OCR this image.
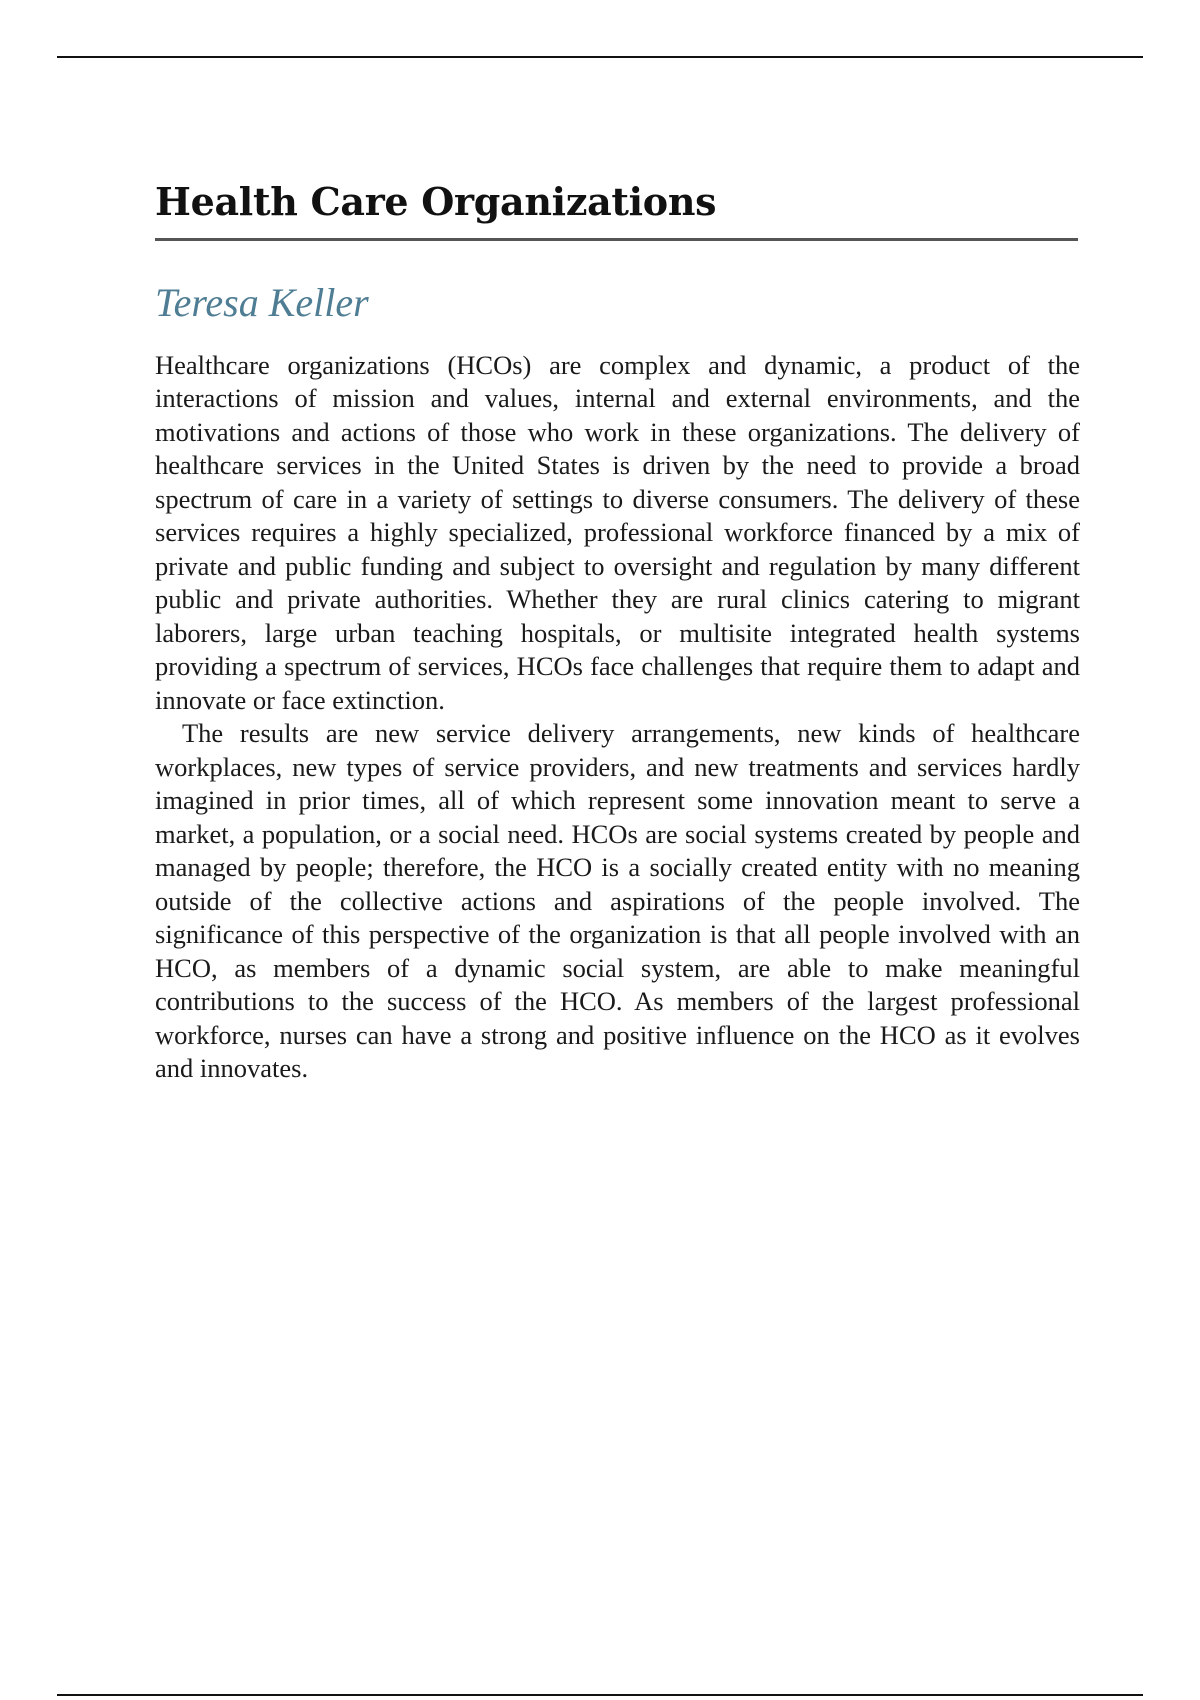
Health Care Organizations
Teresa Keller

Healthcare organizations (HCOs) are complex and dynamic, a product of the interactions of mission and values, internal and external environments, and the motivations and actions of those who work in these organizations. The delivery of healthcare services in the United States is driven by the need to provide a broad spectrum of care in a variety of settings to diverse consumers. The delivery of these services requires a highly specialized, professional workforce financed by a mix of private and public funding and subject to oversight and regulation by many different public and private authorities. Whether they are rural clinics catering to migrant laborers, large urban teaching hospitals, or multisite integrated health systems providing a spectrum of services, HCOs face challenges that require them to adapt and innovate or face extinction.

The results are new service delivery arrangements, new kinds of healthcare workplaces, new types of service providers, and new treatments and services hardly imagined in prior times, all of which represent some innovation meant to serve a market, a population, or a social need. HCOs are social systems created by people and managed by people; therefore, the HCO is a socially created entity with no meaning outside of the collective actions and aspirations of the people involved. The significance of this perspective of the organization is that all people involved with an HCO, as members of a dynamic social system, are able to make meaningful contributions to the success of the HCO. As members of the largest professional workforce, nurses can have a strong and positive influence on the HCO as it evolves and innovates.
